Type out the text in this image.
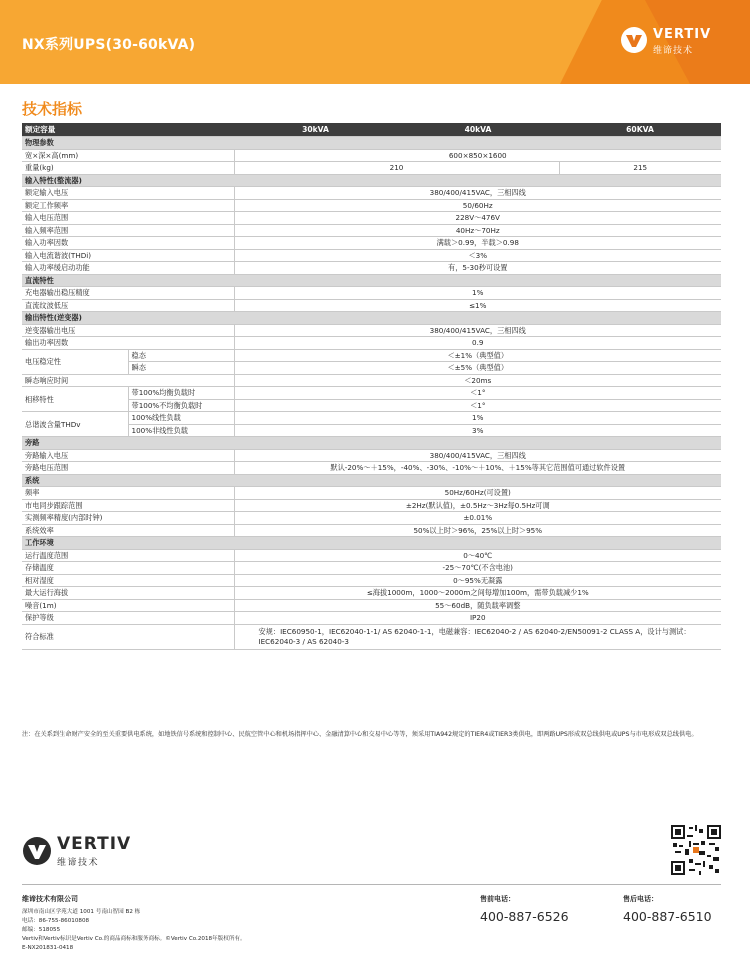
NX系列UPS(30-60kVA)
VERTIV
维谛技术
技术指标
额定容量		30kVA	40kVA	60KVA
物理参数				
宽×深×高(mm)		600×850×1600		
重量(kg)		210		215
输入特性(整流器)				
额定输入电压		380/400/415VAC，三相四线		
额定工作频率		50/60Hz		
输入电压范围		228V～476V		
输入频率范围		40Hz～70Hz		
输入功率因数		满载＞0.99，半载＞0.98		
输入电流谐波(THDi)		＜3%		
输入功率缓启动功能		有，5-30秒可设置		
直流特性				
充电器输出稳压精度		1%		
直流纹波低压		≤1%		
输出特性(逆变器)				
逆变器输出电压		380/400/415VAC，三相四线		
输出功率因数		0.9		
电压稳定性	稳态	＜±1%（典型值）		
	瞬态	＜±5%（典型值）		
瞬态响应时间		＜20ms		
相移特性	带100%均衡负载时	＜1°		
	带100%不均衡负载时	＜1°		
总谐波含量THDv	100%线性负载	1%		
	100%非线性负载	3%		
旁路				
旁路输入电压		380/400/415VAC，三相四线		
旁路电压范围		默认-20%～＋15%，-40%、-30%、-10%～＋10%、＋15%等其它范围值可通过软件设置		
系统				
频率		50Hz/60Hz(可设置)		
市电同步跟踪范围		±2Hz(默认值)，±0.5Hz～3Hz每0.5Hz可调		
实测频率精度(内部时钟)		±0.01%		
系统效率		50%以上时＞96%，25%以上时＞95%		
工作环境				
运行温度范围		0～40℃		
存储温度		-25～70℃(不含电池)		
相对湿度		0～95%无凝露		
最大运行海拔		≤海拔1000m，1000～2000m之间每增加100m，需带负载减少1%		
噪音(1m)		55～60dB，随负载率调整		
保护等级		IP20		
符合标准		安规：IEC60950-1，IEC62040-1-1/ AS 62040-1-1，电磁兼容：IEC62040-2 / AS 62040-2/EN50091-2 CLASS A，设计与测试：IEC62040-3 / AS 62040-3		
注：在关系到生命财产安全的至关重要供电系统，如地铁信号系统和控制中心、民航空管中心和机场指挥中心、金融清算中心和交易中心等等，须采用TIA942规定的TIER4或TIER3类供电，即两路UPS形成双总线供电或UPS与市电形成双总线供电。
VERTIV
维谛技术
维谛技术有限公司
深圳市南山区学苑大道 1001 号南山智园 B2 栋
电话：86-755-86010808
邮编：518055
Vertiv和Vertiv标识是Vertiv Co.的商品商标和服务商标。©Vertiv Co.2018年版权所有。
E-NX201831-0418
售前电话：
400-887-6526
售后电话：
400-887-6510
